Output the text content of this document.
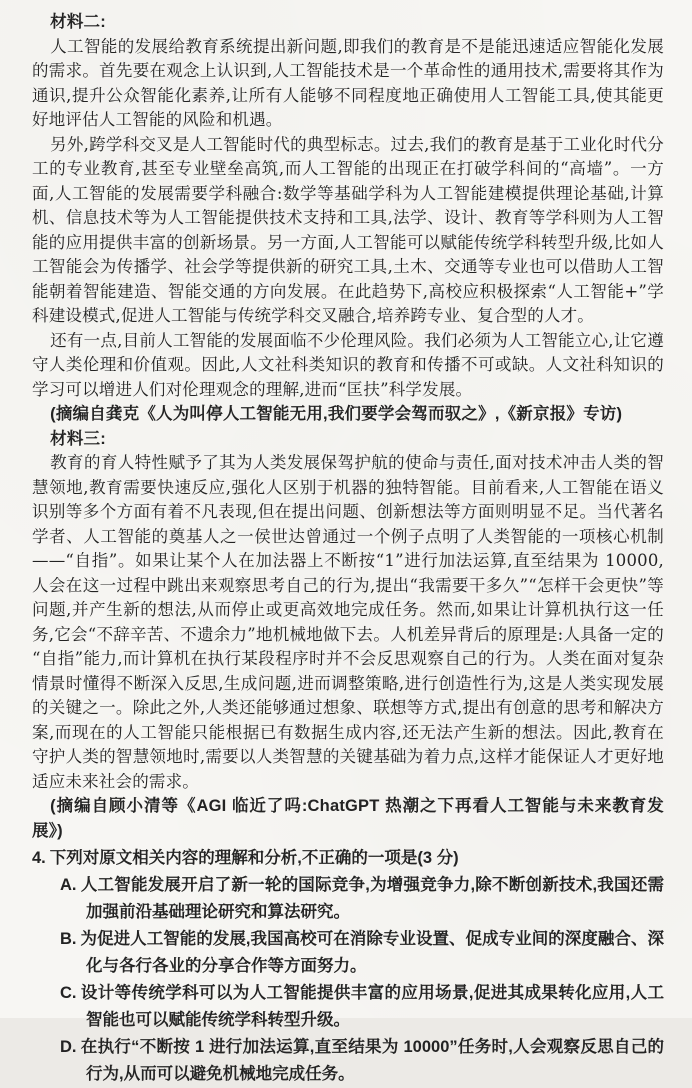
材料二:

人工智能的发展给教育系统提出新问题,即我们的教育是不是能迅速适应智能化发展的需求。首先要在观念上认识到,人工智能技术是一个革命性的通用技术,需要将其作为通识,提升公众智能化素养,让所有人能够不同程度地正确使用人工智能工具,使其能更好地评估人工智能的风险和机遇。

另外,跨学科交叉是人工智能时代的典型标志。过去,我们的教育是基于工业化时代分工的专业教育,甚至专业壁垒高筑,而人工智能的出现正在打破学科间的“高墙”。一方面,人工智能的发展需要学科融合:数学等基础学科为人工智能建模提供理论基础,计算机、信息技术等为人工智能提供技术支持和工具,法学、设计、教育等学科则为人工智能的应用提供丰富的创新场景。另一方面,人工智能可以赋能传统学科转型升级,比如人工智能会为传播学、社会学等提供新的研究工具,土木、交通等专业也可以借助人工智能朝着智能建造、智能交通的方向发展。在此趋势下,高校应积极探索“人工智能+”学科建设模式,促进人工智能与传统学科交叉融合,培养跨专业、复合型的人才。

还有一点,目前人工智能的发展面临不少伦理风险。我们必须为人工智能立心,让它遵守人类伦理和价值观。因此,人文社科类知识的教育和传播不可或缺。人文社科知识的学习可以增进人们对伦理观念的理解,进而“匡扶”科学发展。

(摘编自龚克《人为叫停人工智能无用,我们要学会驾而驭之》,《新京报》专访)

材料三:

教育的育人特性赋予了其为人类发展保驾护航的使命与责任,面对技术冲击人类的智慧领地,教育需要快速反应,强化人区别于机器的独特智能。目前看来,人工智能在语义识别等多个方面有着不凡表现,但在提出问题、创新想法等方面则明显不足。当代著名学者、人工智能的奠基人之一侯世达曾通过一个例子点明了人类智能的一项核心机制——“自指”。如果让某个人在加法器上不断按“1”进行加法运算,直至结果为 10000,人会在这一过程中跳出来观察思考自己的行为,提出“我需要干多久”“怎样干会更快”等问题,并产生新的想法,从而停止或更高效地完成任务。然而,如果让计算机执行这一任务,它会“不辞辛苦、不遗余力”地机械地做下去。人机差异背后的原理是:人具备一定的“自指”能力,而计算机在执行某段程序时并不会反思观察自己的行为。人类在面对复杂情景时懂得不断深入反思,生成问题,进而调整策略,进行创造性行为,这是人类实现发展的关键之一。除此之外,人类还能够通过想象、联想等方式,提出有创意的思考和解决方案,而现在的人工智能只能根据已有数据生成内容,还无法产生新的想法。因此,教育在守护人类的智慧领地时,需要以人类智慧的关键基础为着力点,这样才能保证人才更好地适应未来社会的需求。

(摘编自顾小清等《AGI 临近了吗:ChatGPT 热潮之下再看人工智能与未来教育发展》)

4. 下列对原文相关内容的理解和分析,不正确的一项是(3 分)
A. 人工智能发展开启了新一轮的国际竞争,为增强竞争力,除不断创新技术,我国还需加强前沿基础理论研究和算法研究。
B. 为促进人工智能的发展,我国高校可在消除专业设置、促成专业间的深度融合、深化与各行各业的分享合作等方面努力。
C. 设计等传统学科可以为人工智能提供丰富的应用场景,促进其成果转化应用,人工智能也可以赋能传统学科转型升级。
D. 在执行“不断按 1 进行加法运算,直至结果为 10000”任务时,人会观察反思自己的行为,从而可以避免机械地完成任务。
